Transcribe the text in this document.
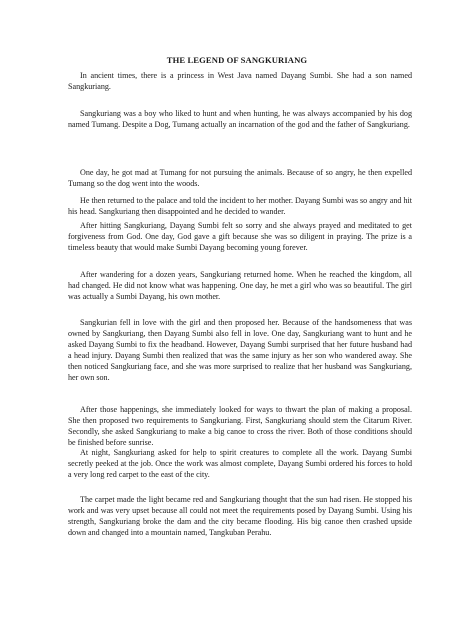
THE LEGEND OF SANGKURIANG

In ancient times, there is a princess in West Java named Dayang Sumbi. She had a son named Sangkuriang.

Sangkuriang was a boy who liked to hunt and when hunting, he was always accompanied by his dog named Tumang. Despite a Dog, Tumang actually an incarnation of the god and the father of Sangkuriang.

One day, he got mad at Tumang for not pursuing the animals. Because of so angry, he then expelled Tumang so the dog went into the woods.

He then returned to the palace and told the incident to her mother. Dayang Sumbi was so angry and hit his head. Sangkuriang then disappointed and he decided to wander.

After hitting Sangkuriang, Dayang Sumbi felt so sorry and she always prayed and meditated to get forgiveness from God. One day, God gave a gift because she was so diligent in praying. The prize is a timeless beauty that would make Sumbi Dayang becoming young forever.

After wandering for a dozen years, Sangkuriang returned home. When he reached the kingdom, all had changed. He did not know what was happening. One day, he met a girl who was so beautiful. The girl was actually a Sumbi Dayang, his own mother.

Sangkurian fell in love with the girl and then proposed her. Because of the handsomeness that was owned by Sangkuriang, then Dayang Sumbi also fell in love. One day, Sangkuriang want to hunt and he asked Dayang Sumbi to fix the headband. However, Dayang Sumbi surprised that her future husband had a head injury. Dayang Sumbi then realized that was the same injury as her son who wandered away. She then noticed Sangkuriang face, and she was more surprised to realize that her husband was Sangkuriang, her own son.

After those happenings, she immediately looked for ways to thwart the plan of making a proposal. She then proposed two requirements to Sangkuriang. First, Sangkuriang should stem the Citarum River. Secondly, she asked Sangkuriang to make a big canoe to cross the river. Both of those conditions should be finished before sunrise.

At night, Sangkuriang asked for help to spirit creatures to complete all the work. Dayang Sumbi secretly peeked at the job. Once the work was almost complete, Dayang Sumbi ordered his forces to hold a very long red carpet to the east of the city.

The carpet made the light became red and Sangkuriang thought that the sun had risen. He stopped his work and was very upset because all could not meet the requirements posed by Dayang Sumbi. Using his strength, Sangkuriang broke the dam and the city became flooding. His big canoe then crashed upside down and changed into a mountain named, Tangkuban Perahu.
